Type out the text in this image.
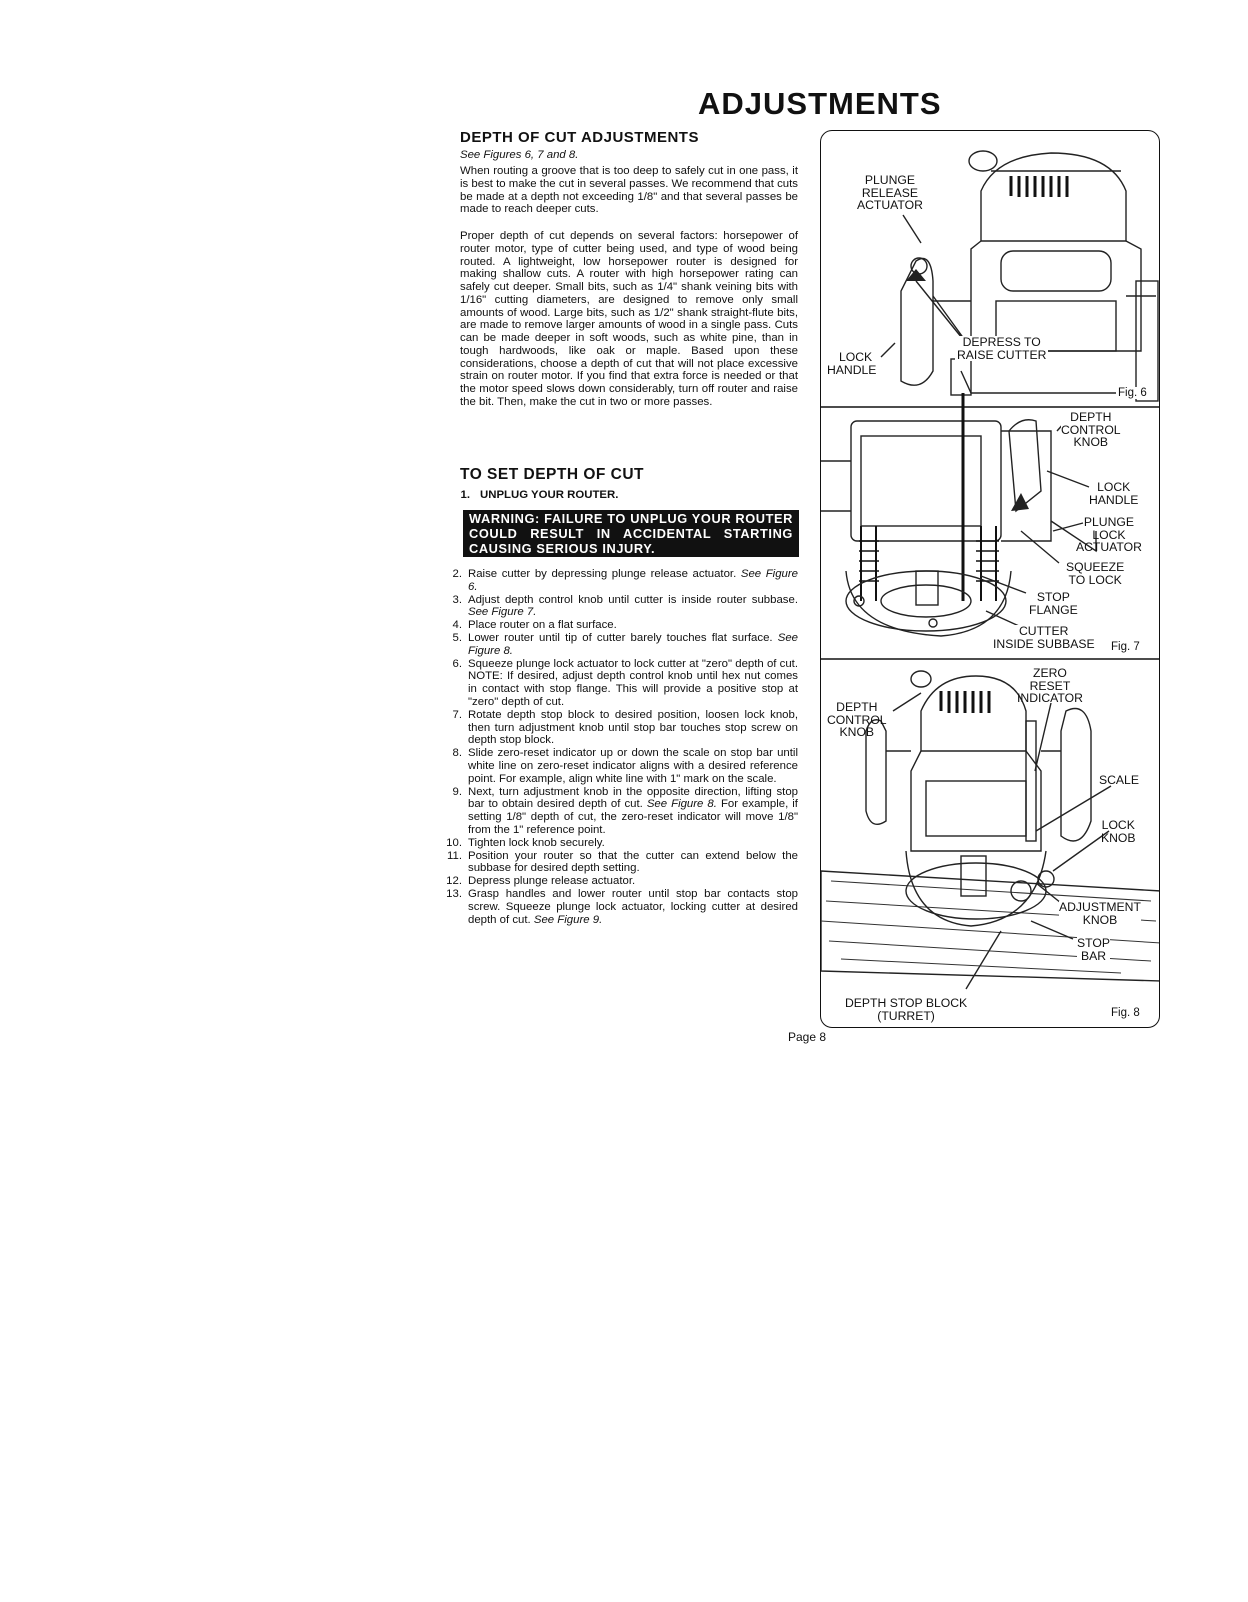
ADJUSTMENTS
DEPTH OF CUT ADJUSTMENTS
See Figures 6, 7 and 8.

When routing a groove that is too deep to safely cut in one pass, it is best to make the cut in several passes. We recommend that cuts be made at a depth not exceeding 1/8" and that several passes be made to reach deeper cuts.

Proper depth of cut depends on several factors: horsepower of router motor, type of cutter being used, and type of wood being routed. A lightweight, low horsepower router is designed for making shallow cuts. A router with high horsepower rating can safely cut deeper. Small bits, such as 1/4" shank veining bits with 1/16" cutting diameters, are designed to remove only small amounts of wood. Large bits, such as 1/2" shank straight-flute bits, are made to remove larger amounts of wood in a single pass. Cuts can be made deeper in soft woods, such as white pine, than in tough hardwoods, like oak or maple. Based upon these considerations, choose a depth of cut that will not place excessive strain on router motor. If you find that extra force is needed or that the motor speed slows down considerably, turn off router and raise the bit. Then, make the cut in two or more passes.

TO SET DEPTH OF CUT
1. UNPLUG YOUR ROUTER.
WARNING: FAILURE TO UNPLUG YOUR ROUTER COULD RESULT IN ACCIDENTAL STARTING CAUSING SERIOUS INJURY.
2. Raise cutter by depressing plunge release actuator. See Figure 6.
3. Adjust depth control knob until cutter is inside router subbase. See Figure 7.
4. Place router on a flat surface.
5. Lower router until tip of cutter barely touches flat surface. See Figure 8.
6. Squeeze plunge lock actuator to lock cutter at "zero" depth of cut. NOTE: If desired, adjust depth control knob until hex nut comes in contact with stop flange. This will provide a positive stop at "zero" depth of cut.
7. Rotate depth stop block to desired position, loosen lock knob, then turn adjustment knob until stop bar touches stop screw on depth stop block.
8. Slide zero-reset indicator up or down the scale on stop bar until white line on zero-reset indicator aligns with a desired reference point. For example, align white line with 1" mark on the scale.
9. Next, turn adjustment knob in the opposite direction, lifting stop bar to obtain desired depth of cut. See Figure 8. For example, if setting 1/8" depth of cut, the zero-reset indicator will move 1/8" from the 1" reference point.
10. Tighten lock knob securely.
11. Position your router so that the cutter can extend below the subbase for desired depth setting.
12. Depress plunge release actuator.
13. Grasp handles and lower router until stop bar contacts stop screw. Squeeze plunge lock actuator, locking cutter at desired depth of cut. See Figure 9.
PLUNGE
RELEASE
ACTUATOR
DEPRESS TO
RAISE CUTTER
LOCK
HANDLE
Fig. 6
DEPTH
CONTROL
KNOB
LOCK
HANDLE
PLUNGE
LOCK
ACTUATOR
SQUEEZE
TO LOCK
STOP
FLANGE
CUTTER
INSIDE SUBBASE Fig. 7
ZERO
RESET
INDICATOR
DEPTH
CONTROL
KNOB
SCALE
LOCK
KNOB
ADJUSTMENT
KNOB
STOP
BAR
DEPTH STOP BLOCK
(TURRET)	Fig. 8
Page 8
